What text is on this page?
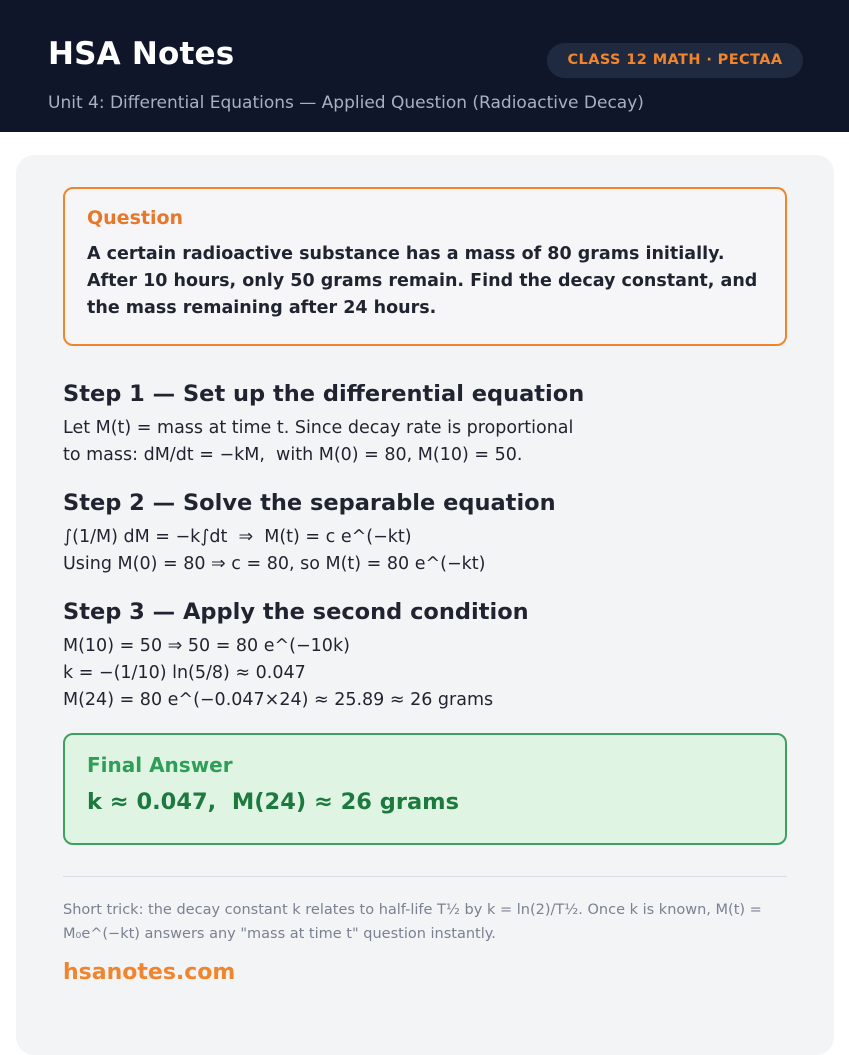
HSA Notes	CLASS 12 MATH · PECTAA
Unit 4: Differential Equations — Applied Question (Radioactive Decay)
Question
A certain radioactive substance has a mass of 80 grams initially. After 10 hours, only 50 grams remain. Find the decay constant, and the mass remaining after 24 hours.
Step 1 — Set up the differential equation
Let M(t) = mass at time t. Since decay rate is proportional
to mass: dM/dt = −kM,  with M(0) = 80, M(10) = 50.
Step 2 — Solve the separable equation
∫(1/M) dM = −k∫dt  ⇒  M(t) = c e^(−kt)
Using M(0) = 80 ⇒ c = 80, so M(t) = 80 e^(−kt)
Step 3 — Apply the second condition
M(10) = 50 ⇒ 50 = 80 e^(−10k)
k = −(1/10) ln(5/8) ≈ 0.047
M(24) = 80 e^(−0.047×24) ≈ 25.89 ≈ 26 grams
Final Answer
k ≈ 0.047,  M(24) ≈ 26 grams
Short trick: the decay constant k relates to half-life T½ by k = ln(2)/T½. Once k is known, M(t) = M₀e^(−kt) answers any "mass at time t" question instantly.
hsanotes.com
